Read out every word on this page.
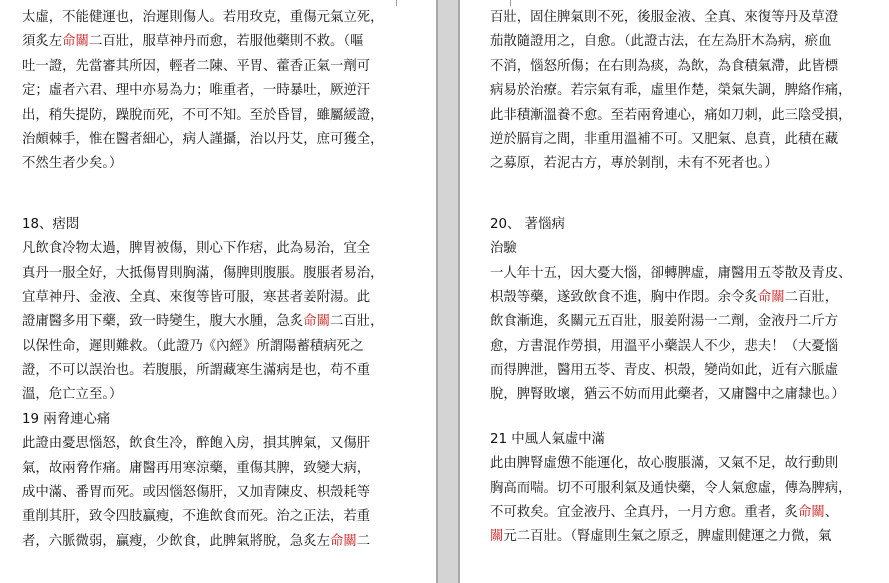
太虛，不能健運也，治遲則傷人。若用玫克，重傷元氣立死，
須炙左命關二百壯，服草神丹而愈，若服他藥則不救。（嘔
吐一證，先當審其所因，輕者二陳、平胃、藿香正氣一劑可
定；虛者六君、理中亦易為力；唯重者，一時暴吐，厥逆汗
出，稍失提防，躁脫而死，不可不知。至於昏冒，雖屬緩證，
治頗棘手，惟在醫者細心，病人謹攝，治以丹艾，庶可獲全，
不然生者少矣。）
18、痞悶
凡飲食冷物太過，脾胃被傷，則心下作痞，此為易治，宜全
真丹一服全好，大抵傷胃則胸滿，傷脾則腹脹。腹脹者易治，
宜草神丹、金液、全真、來復等皆可服，寒甚者姜附湯。此
證庸醫多用下藥，致一時變生，腹大水腫，急炙命關二百壯，
以保性命，遲則難救。（此證乃《內經》所謂陽蓄積病死之
證，不可以誤治也。若腹脹，所謂藏寒生滿病是也，苟不重
溫，危亡立至。）
19 兩脅連心痛
此證由憂思惱怒，飲食生冷，醉飽入房，損其脾氣，又傷肝
氣，故兩脅作痛。庸醫再用寒涼藥，重傷其脾，致變大病，
成中滿、番胃而死。或因惱怒傷肝，又加青陳皮、枳殼耗等
重削其肝，致令四肢贏瘦，不進飲食而死。治之正法，若重
者，六脈微弱，贏瘦，少飲食，此脾氣將脫，急炙左命關二
百壯，固住脾氣則不死，後服金液、全真、來復等丹及草澄
茄散隨證用之，自愈。（此證古法，在左為肝木為病，瘀血
不消，惱怒所傷；在右則為痰，為飲，為食積氣滯，此皆標
病易於治療。若宗氣有乖，虛里作楚，榮氣失調，脾絡作痛，
此非積漸溫養不愈。至若兩脅連心，痛如刀刺，此三陰受損，
逆於膈肓之間，非重用溫補不可。又肥氣、息賁，此積在藏
之募原，若泥古方，專於剝削，未有不死者也。）
20、 著惱病
治驗
一人年十五，因大憂大惱，卻轉脾虛，庸醫用五苓散及青皮、
枳殼等藥，遂致飲食不進，胸中作悶。余令炙命關二百壯，
飲食漸進，炙關元五百壯，服姜附湯一二劑，金液丹二斤方
愈，方書混作勞損，用溫平小藥誤人不少，悲夫！（大憂惱
而得脾泄，醫用五苓、青皮、枳殼，變尚如此，近有六脈虛
脫，脾腎敗壞，猶云不妨而用此藥者，又庸醫中之庸隸也。）
21 中風人氣虛中滿
此由脾腎虛憊不能運化，故心腹脹滿，又氣不足，故行動則
胸高而喘。切不可服利氣及通快藥，令人氣愈虛，傳為脾病，
不可救矣。宜金液丹、全真丹，一月方愈。重者，炙命關、
關元二百壯。（腎虛則生氣之原乏，脾虛則健運之力微，氣
